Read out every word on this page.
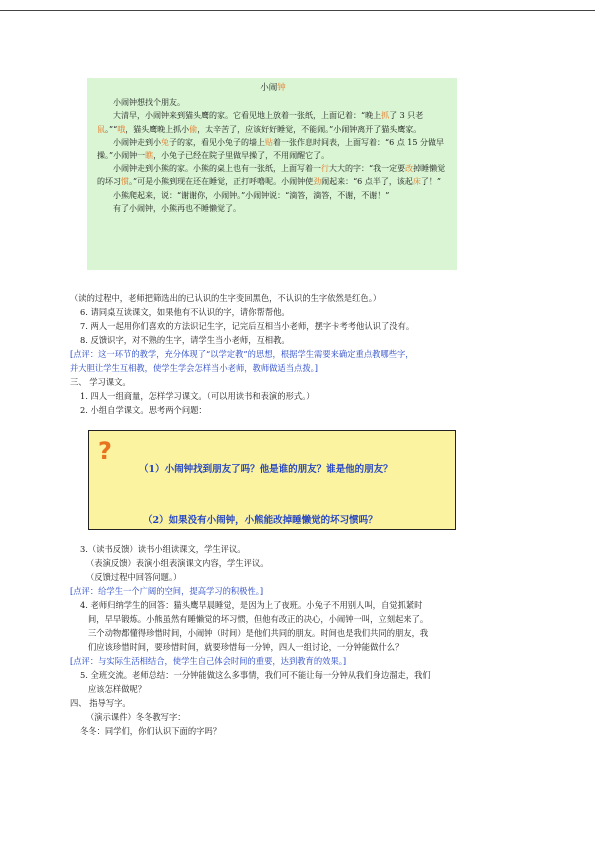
小闹钟

小闹钟想找个朋友。

大清早，小闹钟来到猫头鹰的家。它看见地上放着一张纸，上面记着：“晚上抓了 3 只老鼠。”“哦，猫头鹰晚上抓小偷，太辛苦了，应该好好睡觉，不能闹。”小闹钟离开了猫头鹰家。

小闹钟走到小兔子的家，看见小兔子的墙上贴着一张作息时间表，上面写着：“6 点 15 分做早操。”小闹钟一瞧，小兔子已经在院子里做早操了，不用闹醒它了。

小闹钟走到小熊的家。小熊的桌上也有一张纸，上面写着一行大大的字：“我一定要改掉睡懒觉的坏习惯。”可是小熊到现在还在睡觉，正打呼噜呢。小闹钟使劲闹起来：“6 点半了，该起床了！”

小熊爬起来，说：“谢谢你，小闹钟。”小闹钟说：“滴答，滴答，不谢，不谢！”

有了小闹钟，小熊再也不睡懒觉了。

（读的过程中，老师把筛选出的已认识的生字变回黑色，不认识的生字依然是红色。）

6. 请同桌互读课文，如果他有不认识的字，请你帮帮他。

7. 两人一起用你们喜欢的方法识记生字，记完后互相当小老师，摆字卡考考他认识了没有。

8. 反馈识字，对不熟的生字，请学生当小老师，互相教。

[点评：这一环节的教学，充分体现了“以学定教”的思想，根据学生需要来确定重点教哪些字，

并大胆让学生互相教，使学生学会怎样当小老师，教师做适当点拨。]

三、 学习课文。

1. 四人一组商量，怎样学习课文。（可以用读书和表演的形式。）

2. 小组自学课文。思考两个问题：

?
（1）小闹钟找到朋友了吗？他是谁的朋友？谁是他的朋友？
（2）如果没有小闹钟，小熊能改掉睡懒觉的坏习惯吗？

3.（读书反馈）读书小组读课文，学生评议。

（表演反馈）表演小组表演课文内容，学生评议。

（反馈过程中回答问题。）

[点评：给学生一个广阔的空间，提高学习的积极性。]

4. 老师归纳学生的回答：猫头鹰早晨睡觉，是因为上了夜班。小兔子不用别人叫，自觉抓紧时

间，早早锻炼。小熊虽然有睡懒觉的坏习惯，但他有改正的决心，小闹钟一叫，立刻起来了。

三个动物都懂得珍惜时间，小闹钟（时间）是他们共同的朋友。时间也是我们共同的朋友，我

们应该珍惜时间，要珍惜时间，就要珍惜每一分钟，四人一组讨论，一分钟能做什么？

[点评：与实际生活相结合，使学生自己体会时间的重要，达到教育的效果。]

5. 全班交流。老师总结：一分钟能做这么多事情，我们可不能让每一分钟从我们身边溜走，我们

应该怎样做呢？

四、 指导写字。

（演示课件）冬冬教写字：

冬冬：同学们，你们认识下面的字吗？
